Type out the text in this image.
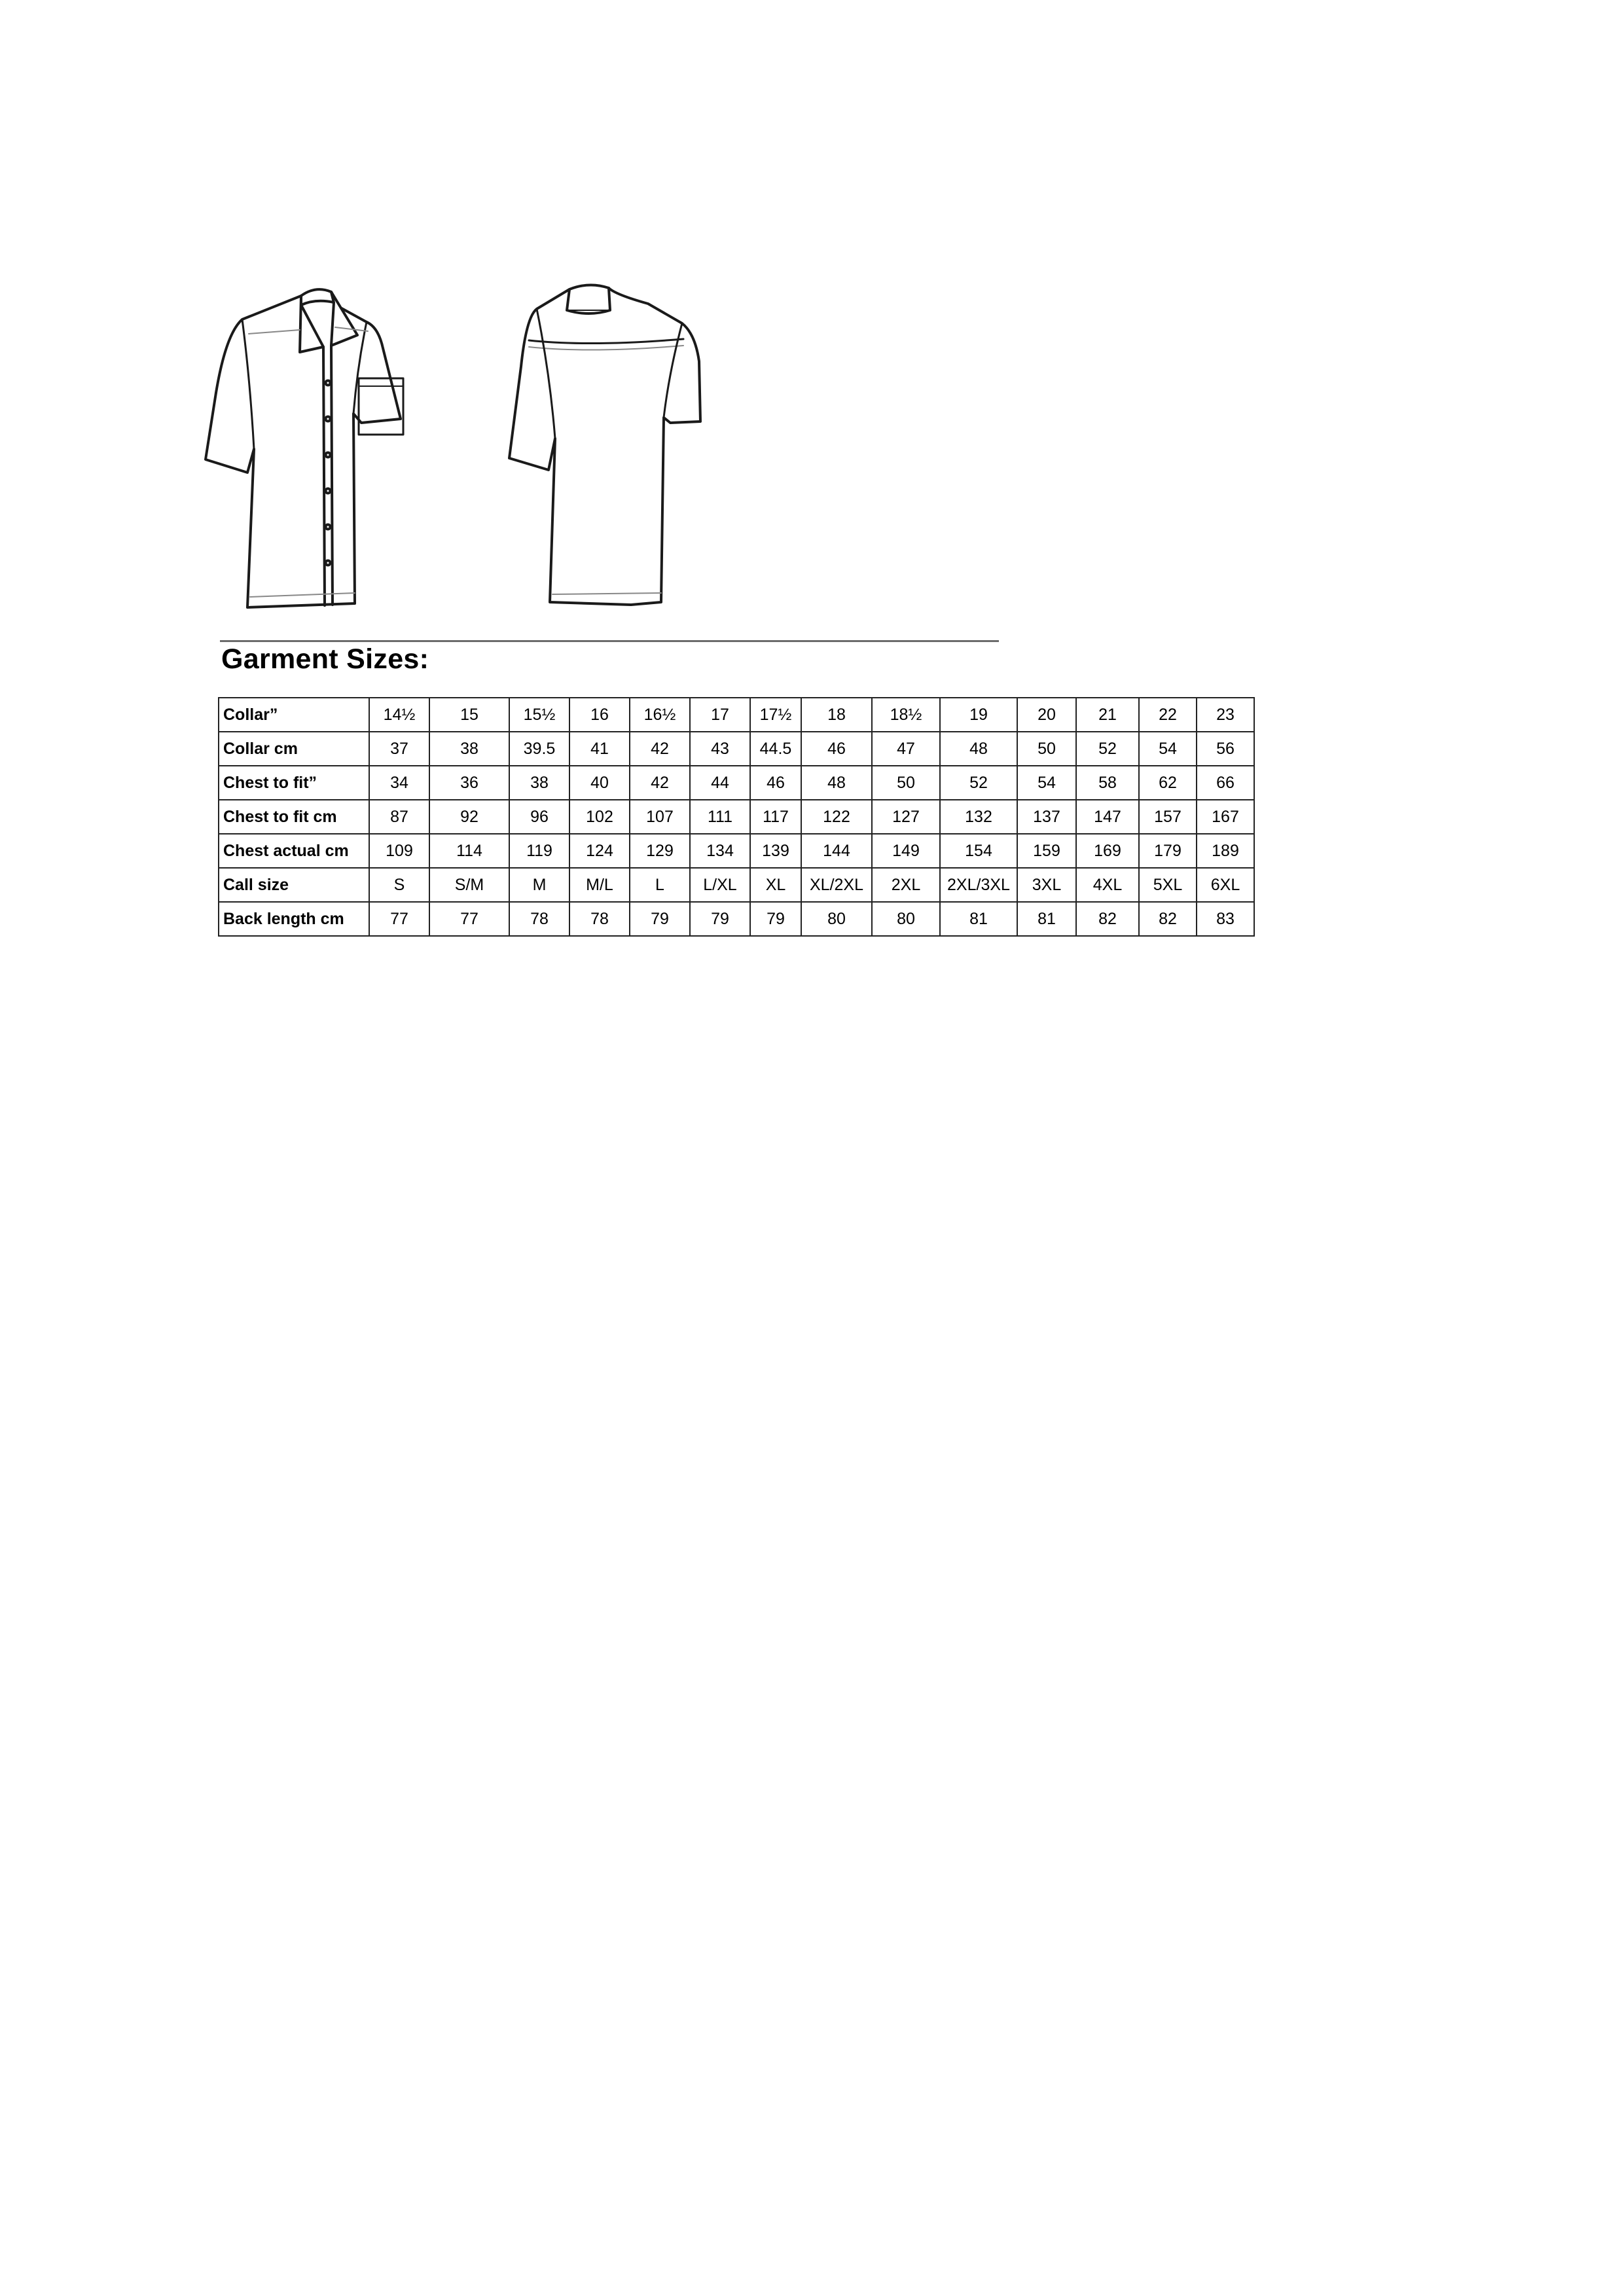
Garment Sizes:
Collar”	14½	15	15½	16	16½	17	17½	18	18½	19	20	21	22	23
Collar cm	37	38	39.5	41	42	43	44.5	46	47	48	50	52	54	56
Chest to fit”	34	36	38	40	42	44	46	48	50	52	54	58	62	66
Chest to fit cm	87	92	96	102	107	111	117	122	127	132	137	147	157	167
Chest actual cm	109	114	119	124	129	134	139	144	149	154	159	169	179	189
Call size	S	S/M	M	M/L	L	L/XL	XL	XL/2XL	2XL	2XL/3XL	3XL	4XL	5XL	6XL
Back length cm	77	77	78	78	79	79	79	80	80	81	81	82	82	83
